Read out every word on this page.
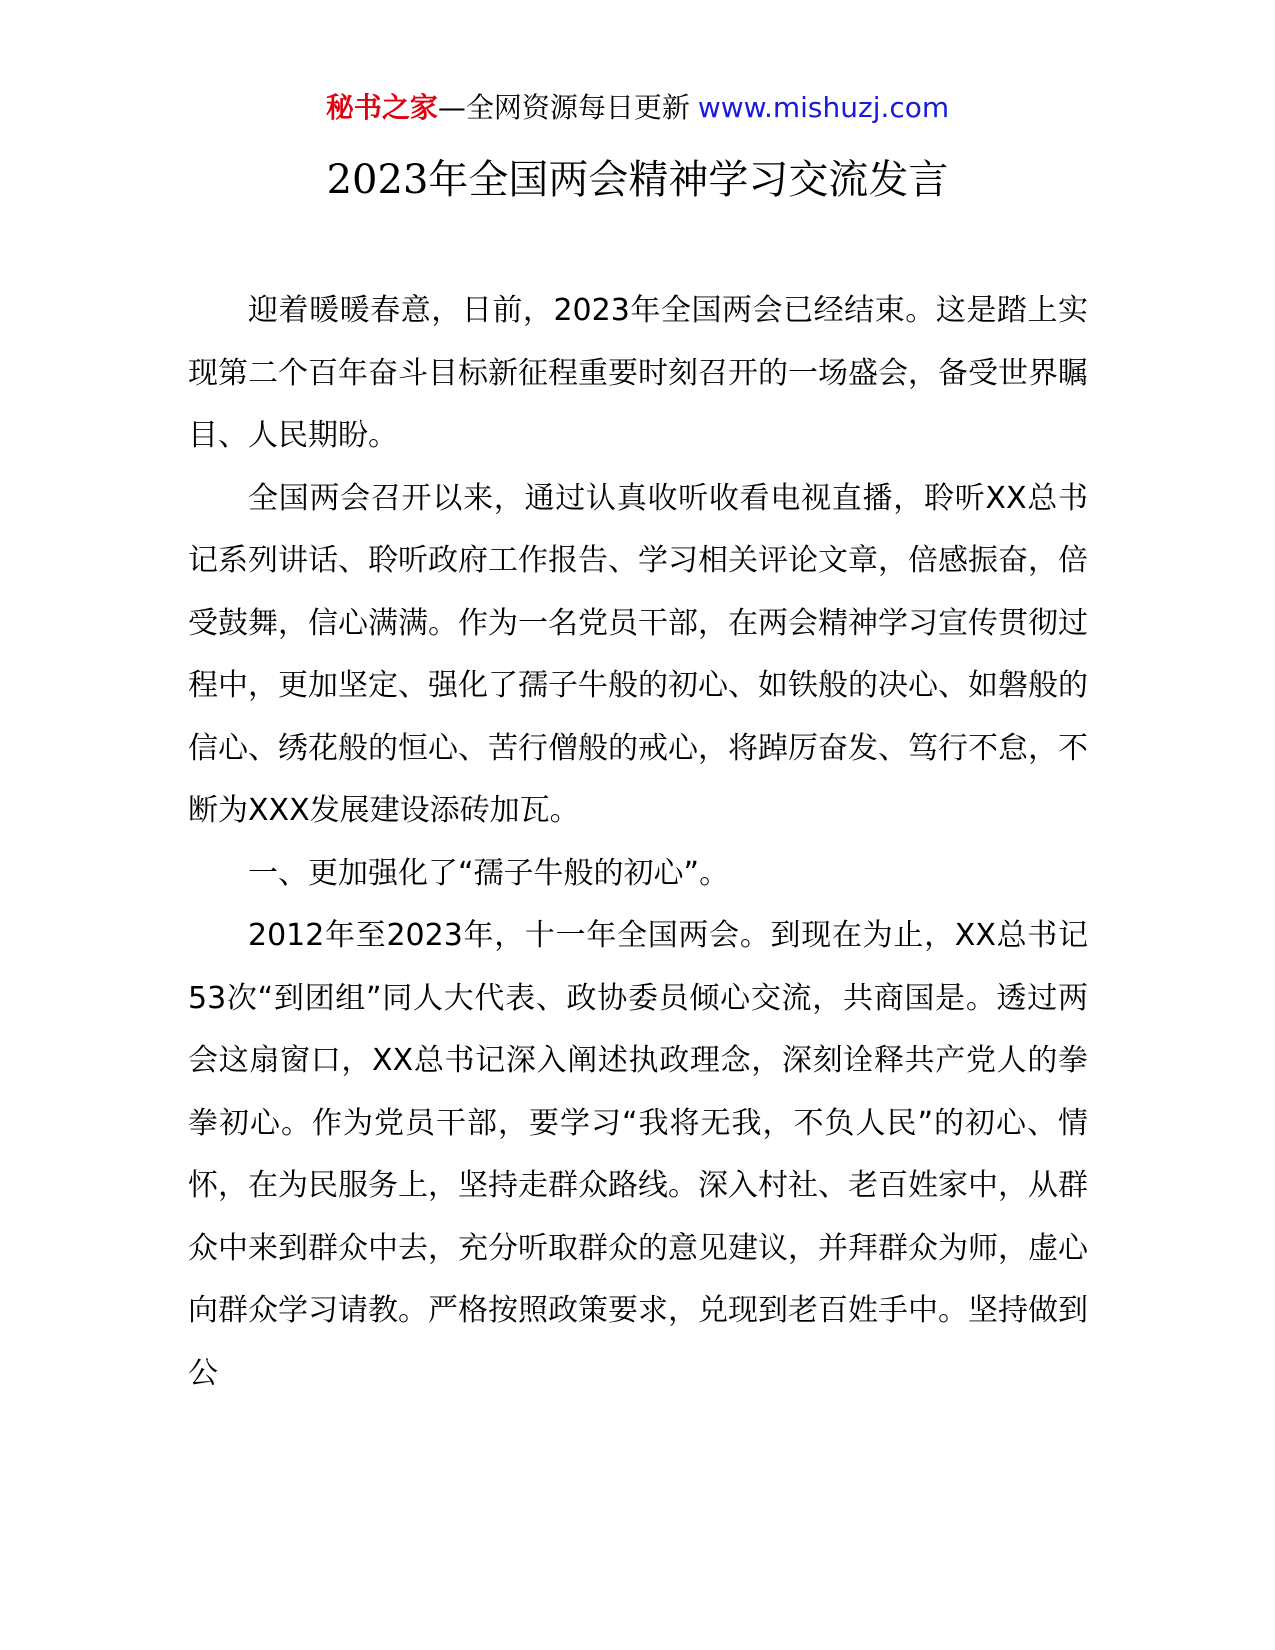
秘书之家—全网资源每日更新 www.mishuzj.com
2023年全国两会精神学习交流发言

迎着暖暖春意，日前，2023年全国两会已经结束。这是踏上实现第二个百年奋斗目标新征程重要时刻召开的一场盛会，备受世界瞩目、人民期盼。

全国两会召开以来，通过认真收听收看电视直播，聆听XX总书记系列讲话、聆听政府工作报告、学习相关评论文章，倍感振奋，倍受鼓舞，信心满满。作为一名党员干部，在两会精神学习宣传贯彻过程中，更加坚定、强化了孺子牛般的初心、如铁般的决心、如磐般的信心、绣花般的恒心、苦行僧般的戒心，将踔厉奋发、笃行不怠，不断为XXX发展建设添砖加瓦。

一、更加强化了“孺子牛般的初心”。

2012年至2023年，十一年全国两会。到现在为止，XX总书记53次“到团组”同人大代表、政协委员倾心交流，共商国是。透过两会这扇窗口，XX总书记深入阐述执政理念，深刻诠释共产党人的拳拳初心。作为党员干部，要学习“我将无我，不负人民”的初心、情怀，在为民服务上，坚持走群众路线。深入村社、老百姓家中，从群众中来到群众中去，充分听取群众的意见建议，并拜群众为师，虚心向群众学习请教。严格按照政策要求，兑现到老百姓手中。坚持做到公
